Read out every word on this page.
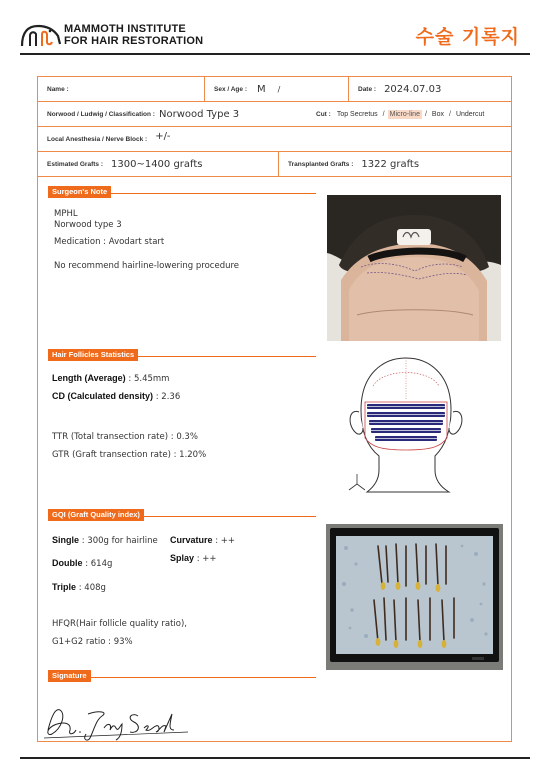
MAMMOTH INSTITUTE
FOR HAIR RESTORATION	수술 기록지
Name :	Sex / Age : M /	Date : 2024.07.03
Norwood / Ludwig / Classification : Norwood Type 3	Cut : Top Secretus / Micro-line / Box / Undercut
Local Anesthesia / Nerve Block : +/-
Estimated Grafts : 1300~1400 grafts	Transplanted Grafts : 1322 grafts
Surgeon's Note
MPHL
Norwood type 3
Medication : Avodart start
No recommend hairline-lowering procedure
Hair Follicles Statistics
Length (Average) : 5.45mm
CD (Calculated density) : 2.36
TTR (Total transection rate) : 0.3%
GTR (Graft transection rate) : 1.20%
GQI (Graft Quality index)
Single : 300g for hairline Curvature : ++
Double : 614g
Splay : ++
Triple : 408g
HFQR(Hair follicle quality ratio),
G1+G2 ratio : 93%
Signature
